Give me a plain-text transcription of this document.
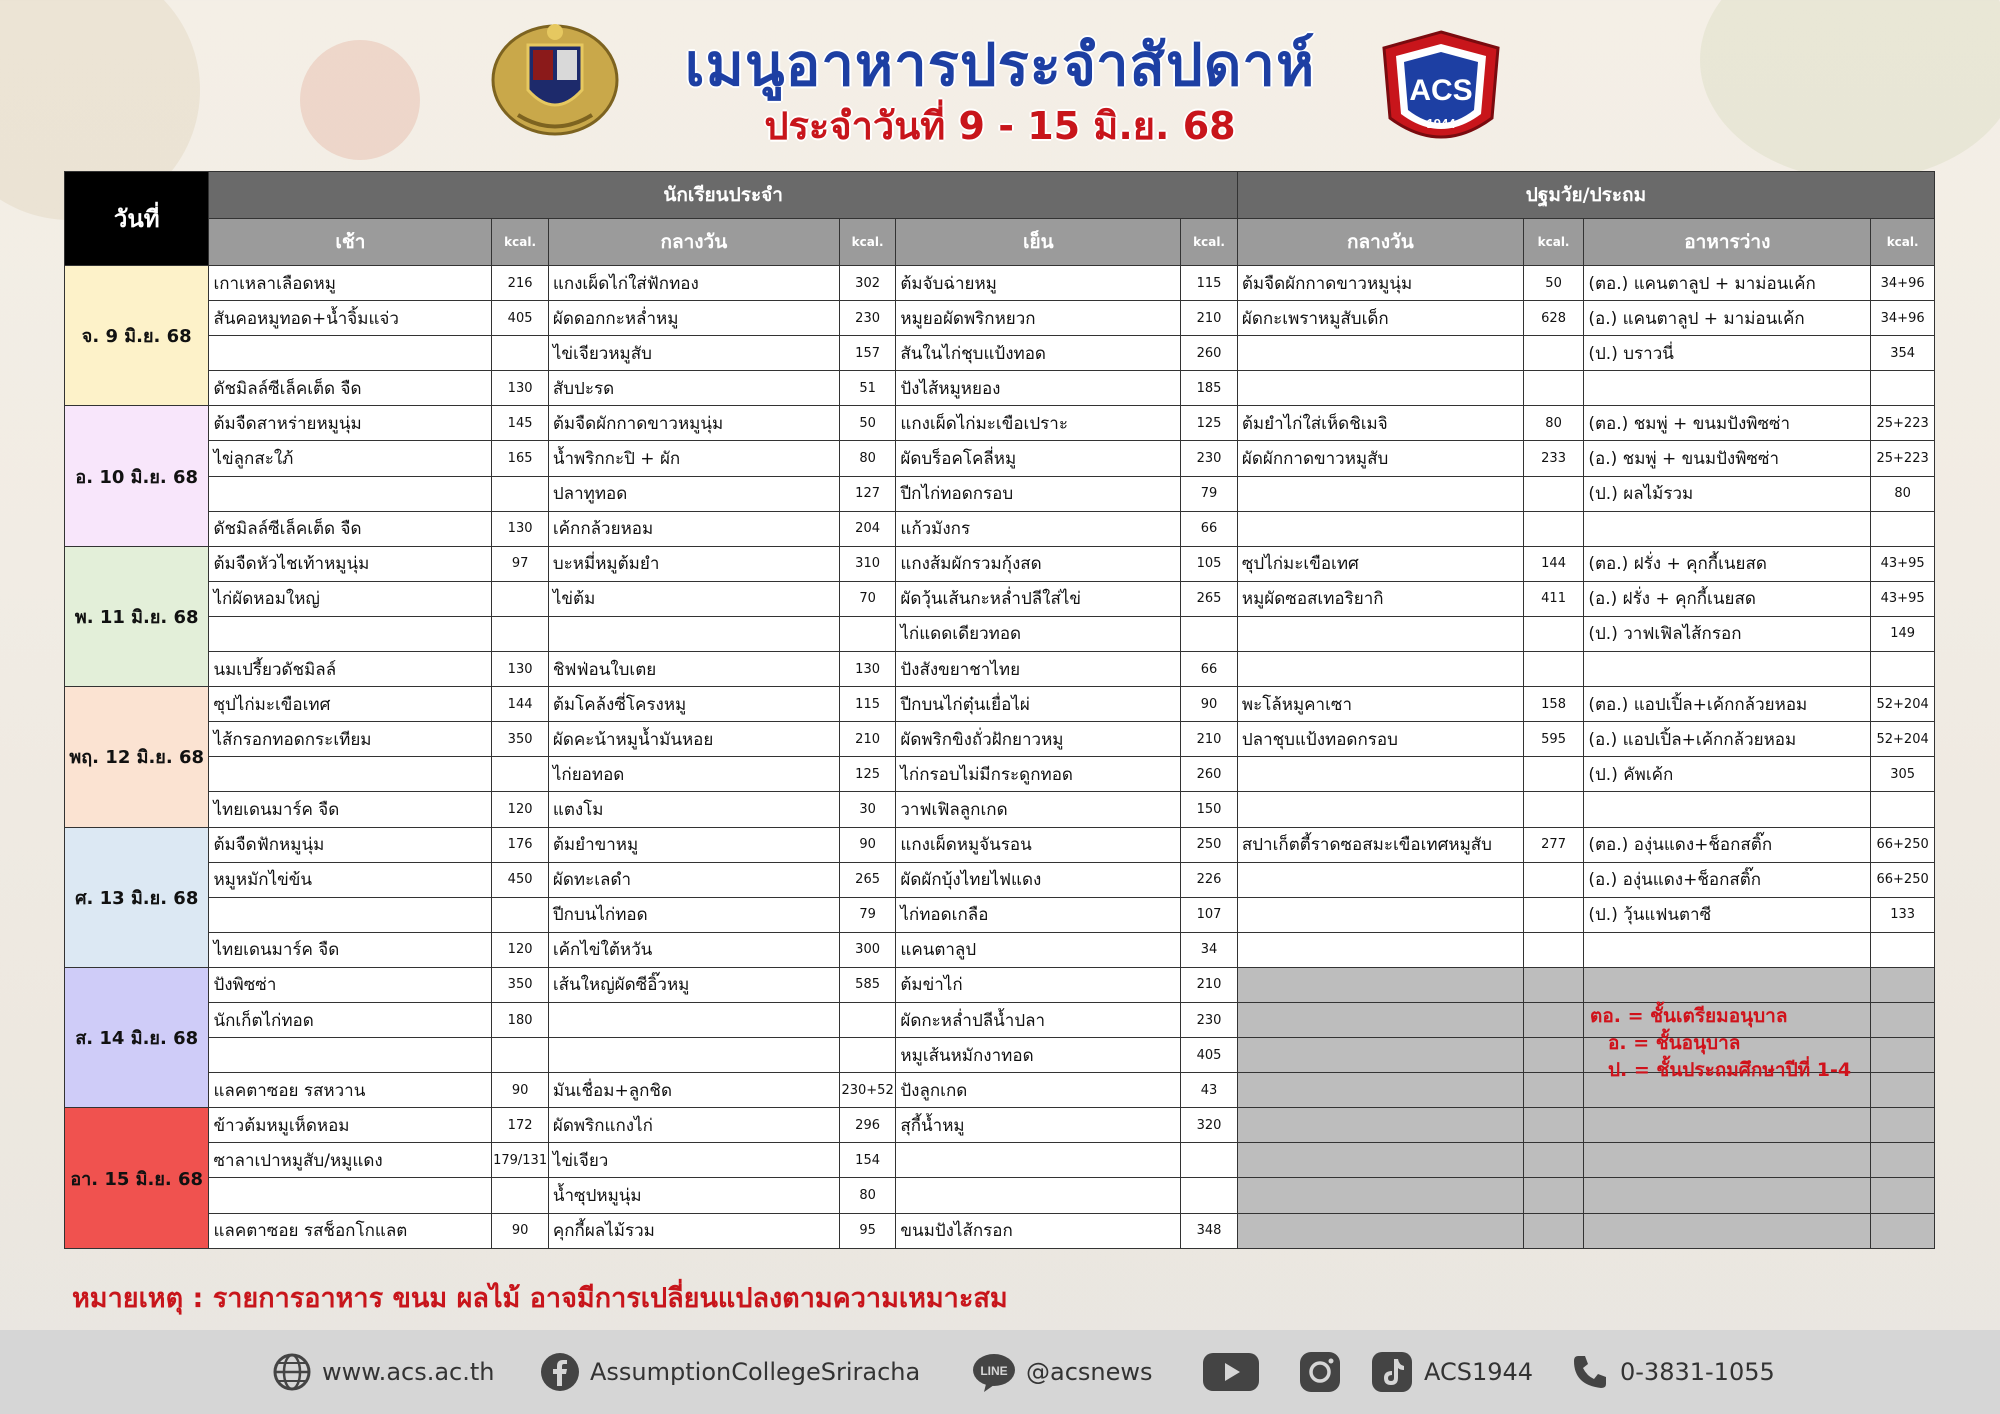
เมนูอาหารประจำสัปดาห์
ประจำวันที่ 9 - 15 มิ.ย. 68
ACS
1944
วันที่	นักเรียนประจำ						ปฐมวัย/ประถม			
	เช้า	kcal.	กลางวัน	kcal.	เย็น	kcal.	กลางวัน	kcal.	อาหารว่าง	kcal.
จ. 9 มิ.ย. 68	เกาเหลาเลือดหมู	216	แกงเผ็ดไก่ใส่ฟักทอง	302	ต้มจับฉ่ายหมู	115	ต้มจืดผักกาดขาวหมูนุ่ม	50	(ตอ.) แคนตาลูป + มาม่อนเค้ก	34+96
	สันคอหมูทอด+น้ำจิ้มแจ่ว	405	ผัดดอกกะหล่ำหมู	230	หมูยอผัดพริกหยวก	210	ผัดกะเพราหมูสับเด็ก	628	(อ.) แคนตาลูป + มาม่อนเค้ก	34+96
			ไข่เจียวหมูสับ	157	สันในไก่ชุบแป้งทอด	260			(ป.) บราวนี่	354
	ดัชมิลล์ซีเล็คเต็ด จืด	130	สับปะรด	51	ปังไส้หมูหยอง	185				
อ. 10 มิ.ย. 68	ต้มจืดสาหร่ายหมูนุ่ม	145	ต้มจืดผักกาดขาวหมูนุ่ม	50	แกงเผ็ดไก่มะเขือเปราะ	125	ต้มยำไก่ใส่เห็ดชิเมจิ	80	(ตอ.) ชมพู่ + ขนมปังพิซซ่า	25+223
	ไข่ลูกสะใภ้	165	น้ำพริกกะปิ + ผัก	80	ผัดบร็อคโคลี่หมู	230	ผัดผักกาดขาวหมูสับ	233	(อ.) ชมพู่ + ขนมปังพิซซ่า	25+223
			ปลาทูทอด	127	ปีกไก่ทอดกรอบ	79			(ป.) ผลไม้รวม	80
	ดัชมิลล์ซีเล็คเต็ด จืด	130	เค้กกล้วยหอม	204	แก้วมังกร	66				
พ. 11 มิ.ย. 68	ต้มจืดหัวไชเท้าหมูนุ่ม	97	บะหมี่หมูต้มยำ	310	แกงส้มผักรวมกุ้งสด	105	ซุปไก่มะเขือเทศ	144	(ตอ.) ฝรั่ง + คุกกี้เนยสด	43+95
	ไก่ผัดหอมใหญ่		ไข่ต้ม	70	ผัดวุ้นเส้นกะหล่ำปลีใส่ไข่	265	หมูผัดซอสเทอริยากิ	411	(อ.) ฝรั่ง + คุกกี้เนยสด	43+95
					ไก่แดดเดียวทอด				(ป.) วาฟเฟิลไส้กรอก	149
	นมเปรี้ยวดัชมิลล์	130	ชิฟฟ่อนใบเตย	130	ปังสังขยาชาไทย	66				
พฤ. 12 มิ.ย. 68	ซุปไก่มะเขือเทศ	144	ต้มโคล้งซี่โครงหมู	115	ปีกบนไก่ตุ๋นเยื่อไผ่	90	พะโล้หมูคาเซา	158	(ตอ.) แอปเปิ้ล+เค้กกล้วยหอม	52+204
	ไส้กรอกทอดกระเทียม	350	ผัดคะน้าหมูน้ำมันหอย	210	ผัดพริกขิงถั่วฝักยาวหมู	210	ปลาชุบแป้งทอดกรอบ	595	(อ.) แอปเปิ้ล+เค้กกล้วยหอม	52+204
			ไก่ยอทอด	125	ไก่กรอบไม่มีกระดูกทอด	260			(ป.) คัพเค้ก	305
	ไทยเดนมาร์ค จืด	120	แตงโม	30	วาฟเฟิลลูกเกด	150				
ศ. 13 มิ.ย. 68	ต้มจืดฟักหมูนุ่ม	176	ต้มยำขาหมู	90	แกงเผ็ดหมูจันรอน	250	สปาเก็ตตี้ราดซอสมะเขือเทศหมูสับ	277	(ตอ.) องุ่นแดง+ช็อกสติ๊ก	66+250
	หมูหมักไข่ข้น	450	ผัดทะเลดำ	265	ผัดผักบุ้งไทยไฟแดง	226			(อ.) องุ่นแดง+ช็อกสติ๊ก	66+250
			ปีกบนไก่ทอด	79	ไก่ทอดเกลือ	107			(ป.) วุ้นแฟนตาซี	133
	ไทยเดนมาร์ค จืด	120	เค้กไข่ใต้หวัน	300	แคนตาลูป	34				
ส. 14 มิ.ย. 68	ปังพิซซ่า	350	เส้นใหญ่ผัดซีอิ๊วหมู	585	ต้มข่าไก่	210				
	นักเก็ตไก่ทอด	180			ผัดกะหล่ำปลีน้ำปลา	230				
					หมูเส้นหมักงาทอด	405				
	แลคตาซอย รสหวาน	90	มันเชื่อม+ลูกชิด	230+52	ปังลูกเกด	43				
อา. 15 มิ.ย. 68	ข้าวต้มหมูเห็ดหอม	172	ผัดพริกแกงไก่	296	สุกี้น้ำหมู	320				
	ซาลาเปาหมูสับ/หมูแดง	179/131	ไข่เจียว	154						
			น้ำซุปหมูนุ่ม	80						
	แลคตาซอย รสช็อกโกแลต	90	คุกกี้ผลไม้รวม	95	ขนมปังไส้กรอก	348				
ตอ. = ชั้นเตรียมอนุบาล
อ. = ชั้นอนุบาล
ป. = ชั้นประถมศึกษาปีที่ 1-4
หมายเหตุ : รายการอาหาร ขนม ผลไม้ อาจมีการเปลี่ยนแปลงตามความเหมาะสม
www.acs.ac.th	AssumptionCollegeSriracha	LINE @acsnews	ACS1944	0-3831-1055
